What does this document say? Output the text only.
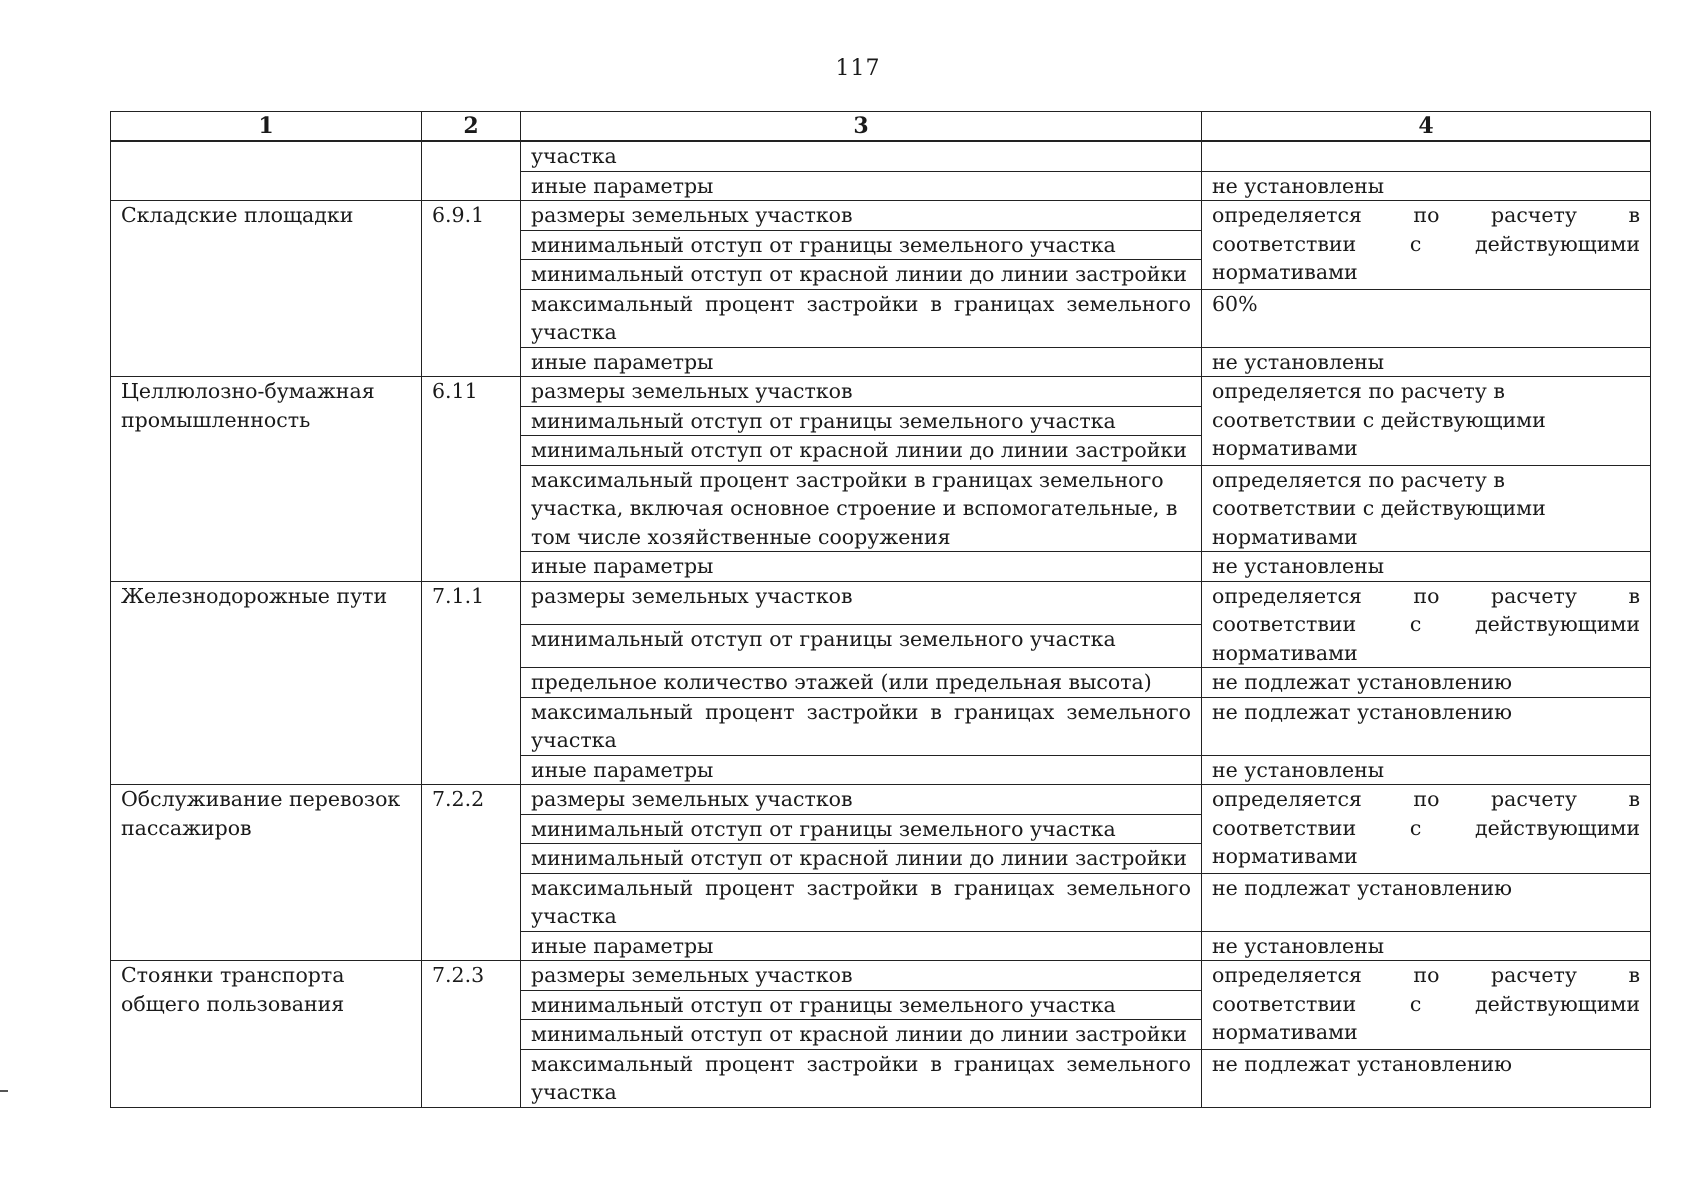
117
1	2	3	4
		участка	
		иные параметры	не установлены
Складские площадки	6.9.1	размеры земельных участков	определяется по расчету в соответствии с действующими нормативами
		минимальный отступ от границы земельного участка	
		минимальный отступ от красной линии до линии застройки	
		максимальный процент застройки в границах земельного участка	60%
		иные параметры	не установлены
Целлюлозно-бумажная промышленность	6.11	размеры земельных участков	определяется по расчету в соответствии с действующими нормативами
		минимальный отступ от границы земельного участка	
		минимальный отступ от красной линии до линии застройки	
		максимальный процент застройки в границах земельного участка, включая основное строение и вспомогательные, в том числе хозяйственные сооружения	определяется по расчету в соответствии с действующими нормативами
		иные параметры	не установлены
Железнодорожные пути	7.1.1	размеры земельных участков	определяется по расчету в соответствии с действующими нормативами
		минимальный отступ от границы земельного участка	
		предельное количество этажей (или предельная высота)	не подлежат установлению
		максимальный процент застройки в границах земельного участка	не подлежат установлению
		иные параметры	не установлены
Обслуживание перевозок пассажиров	7.2.2	размеры земельных участков	определяется по расчету в соответствии с действующими нормативами
		минимальный отступ от границы земельного участка	
		минимальный отступ от красной линии до линии застройки	
		максимальный процент застройки в границах земельного участка	не подлежат установлению
		иные параметры	не установлены
Стоянки транспорта общего пользования	7.2.3	размеры земельных участков	определяется по расчету в соответствии с действующими нормативами
		минимальный отступ от границы земельного участка	
		минимальный отступ от красной линии до линии застройки	
		максимальный процент застройки в границах земельного участка	не подлежат установлению
